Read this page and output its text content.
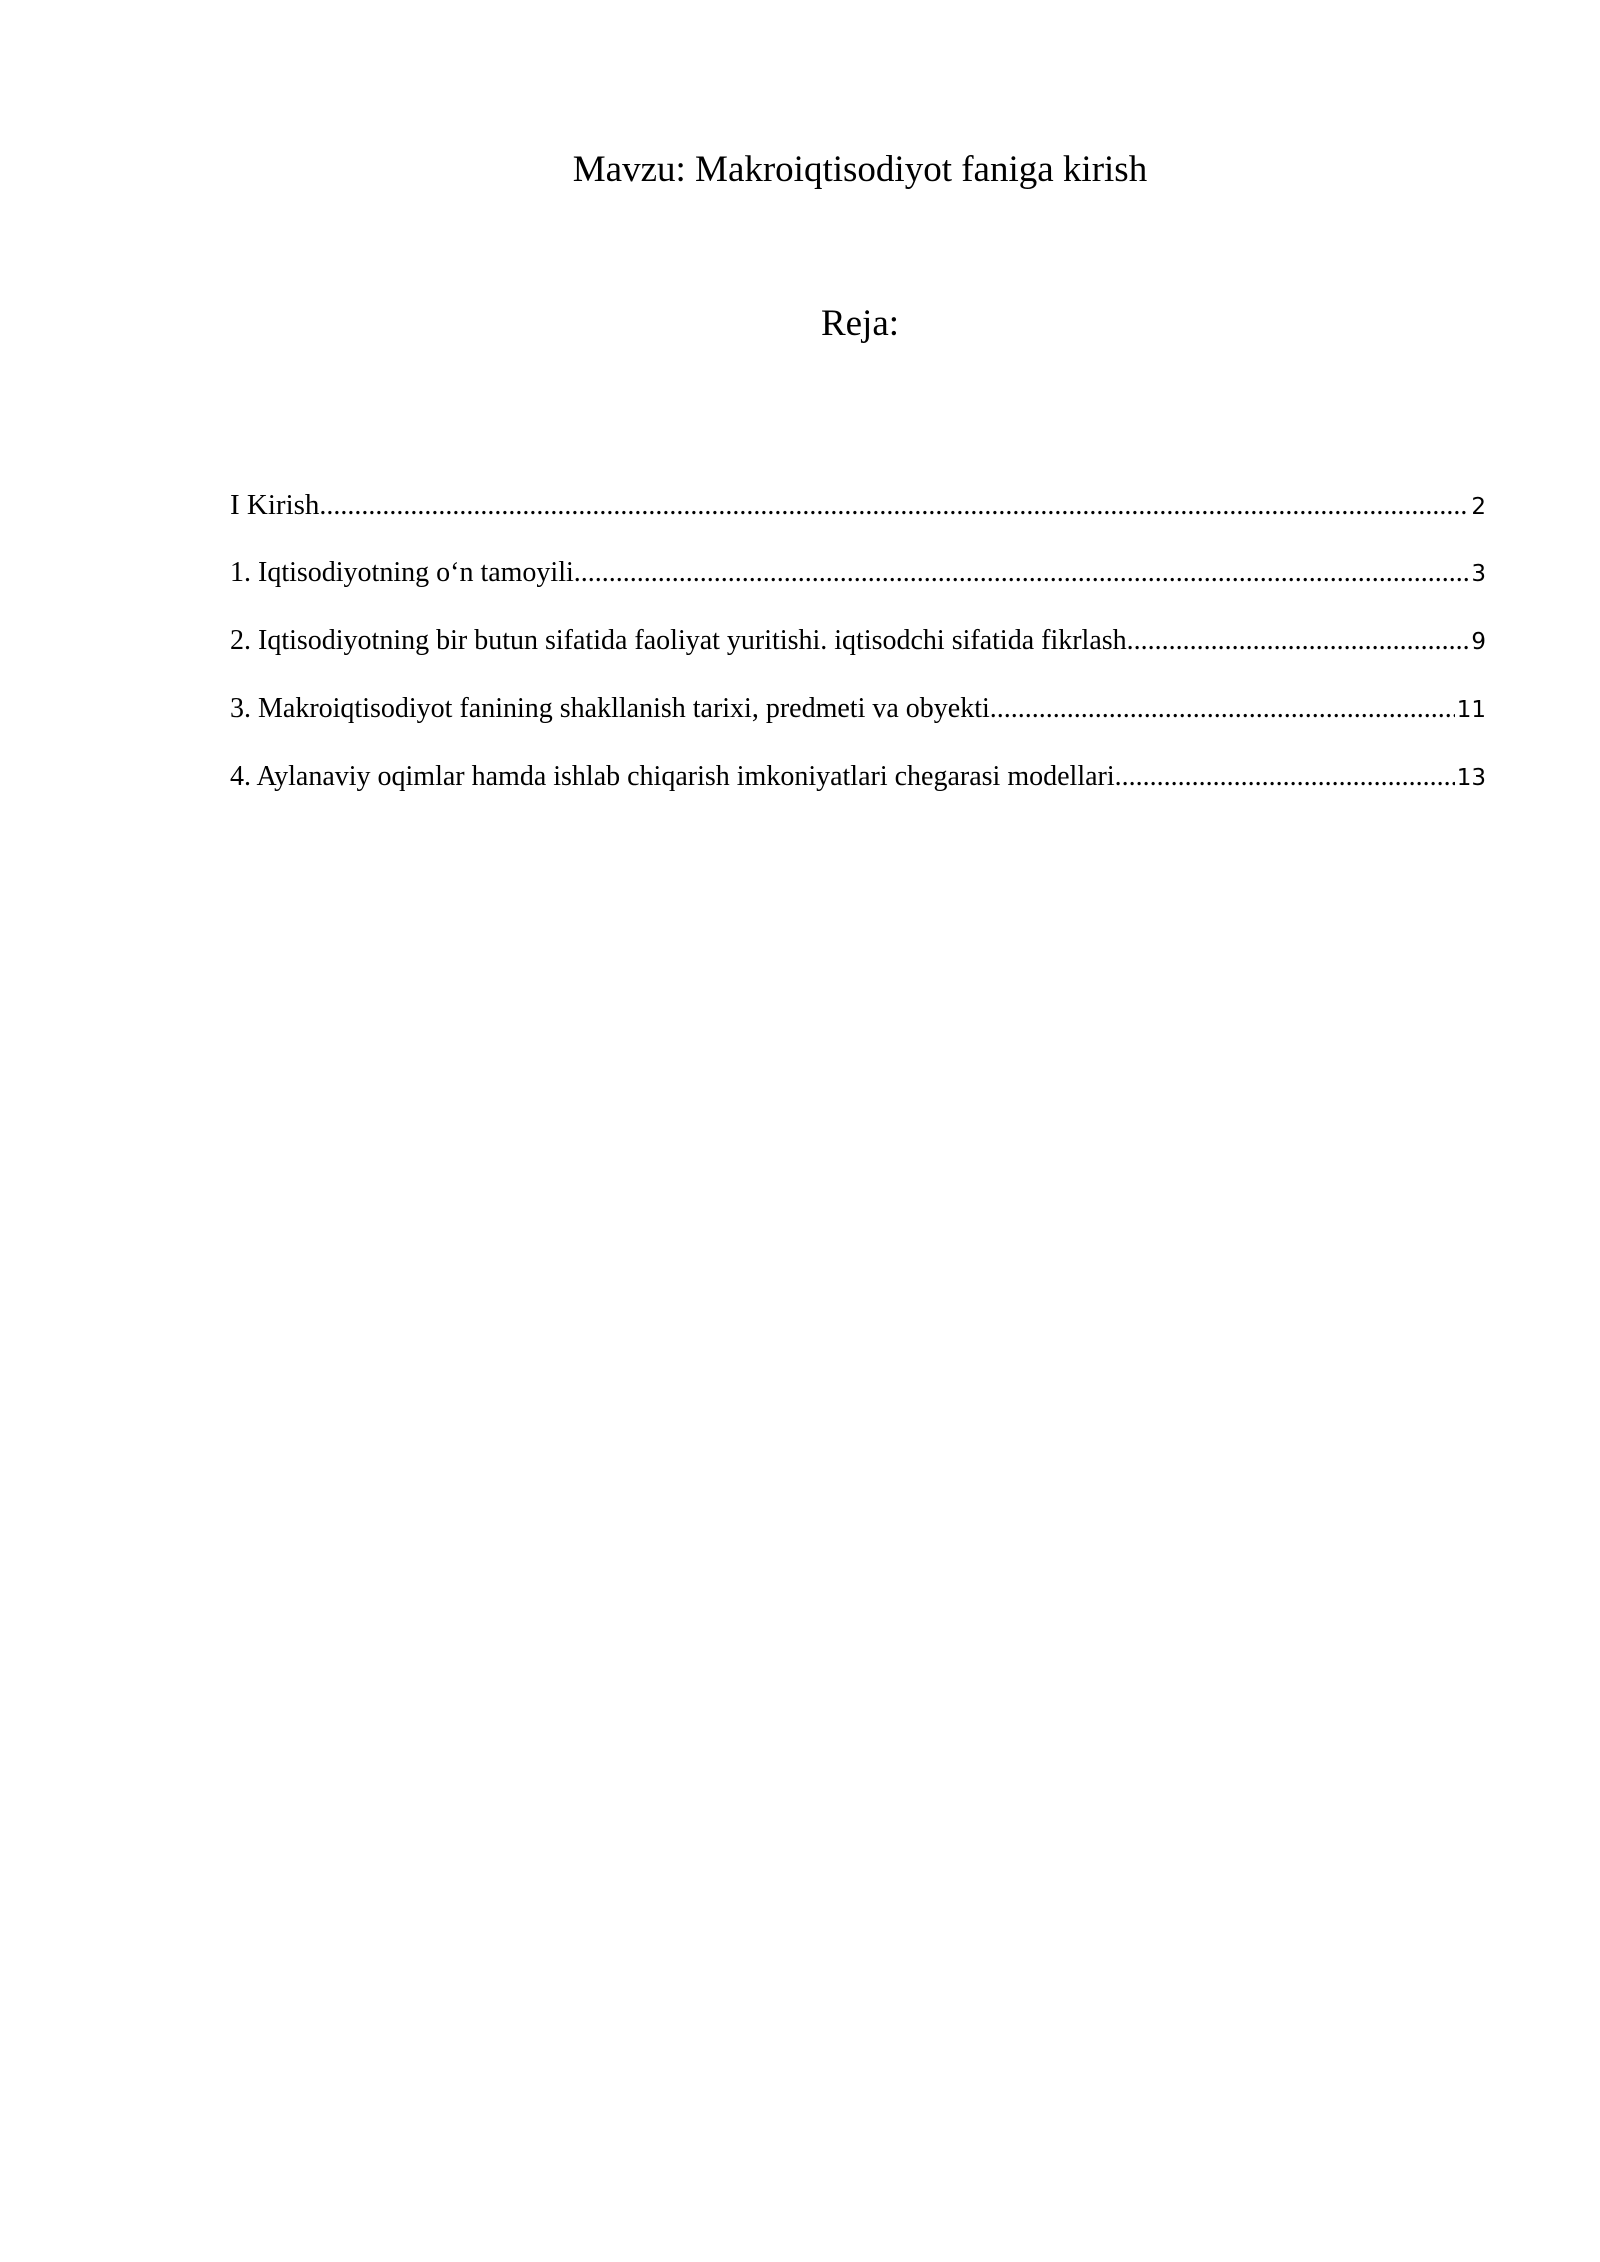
Mavzu: Makroiqtisodiyot faniga kirish
Reja:
I Kirish .....	2
1. Iqtisodiyotning o‘n tamoyili .....	3
2. Iqtisodiyotning bir butun sifatida faoliyat yuritishi. iqtisodchi sifatida fikrlash .....	9
3. Makroiqtisodiyot fanining shakllanish tarixi, predmeti va obyekti .....	11
4. Aylanaviy oqimlar hamda ishlab chiqarish imkoniyatlari chegarasi modellari .....	13
